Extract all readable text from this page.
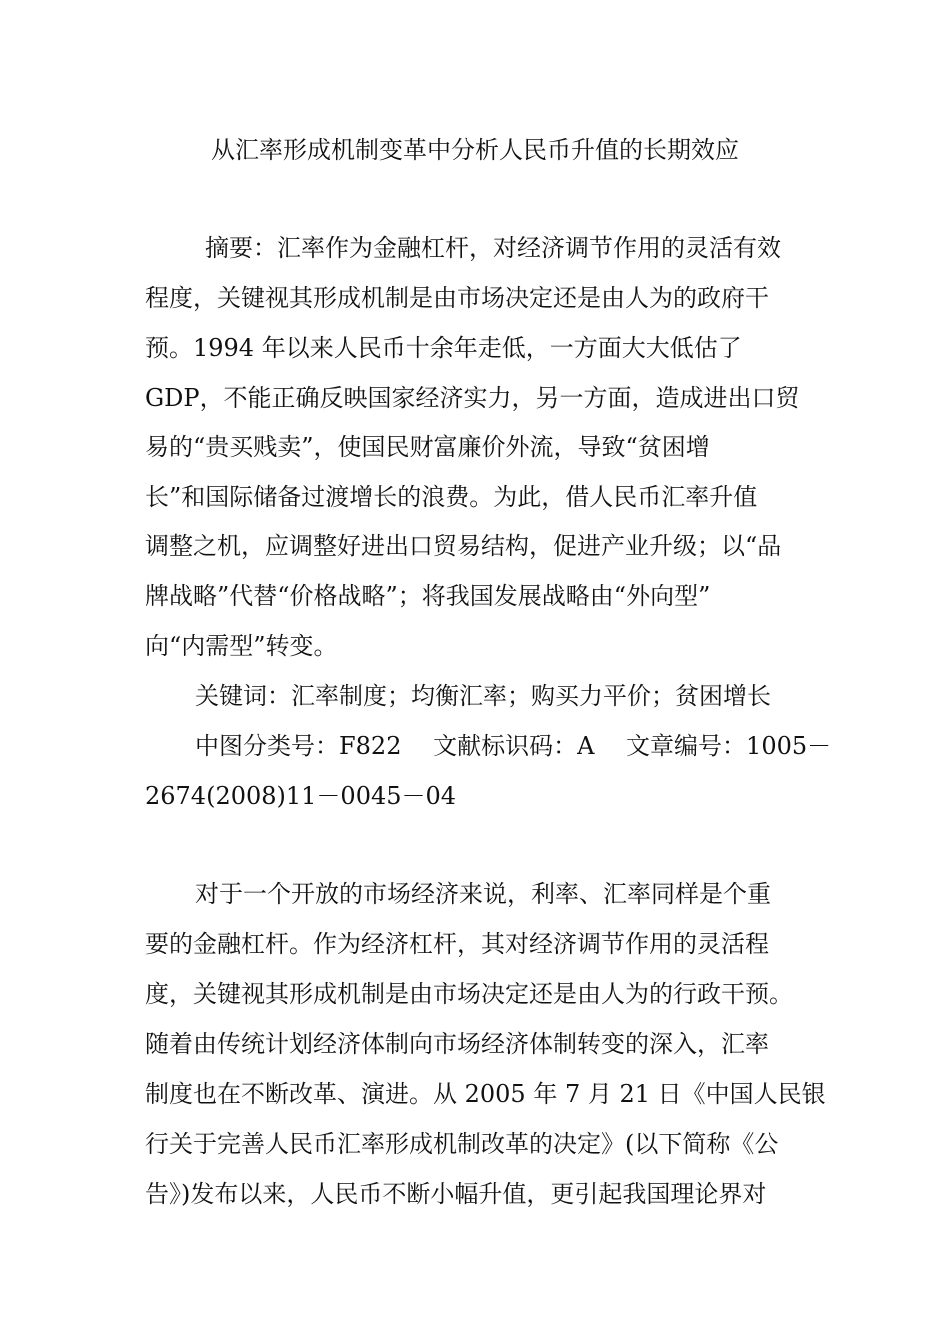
从汇率形成机制变革中分析人民币升值的长期效应
摘要：汇率作为金融杠杆，对经济调节作用的灵活有效
程度，关键视其形成机制是由市场决定还是由人为的政府干
预。1994 年以来人民币十余年走低，一方面大大低估了
GDP，不能正确反映国家经济实力，另一方面，造成进出口贸
易的“贵买贱卖”，使国民财富廉价外流，导致“贫困增
长”和国际储备过渡增长的浪费。为此，借人民币汇率升值
调整之机，应调整好进出口贸易结构，促进产业升级；以“品
牌战略”代替“价格战略”；将我国发展战略由“外向型”
向“内需型”转变。
关键词：汇率制度；均衡汇率；购买力平价；贫困增长
中图分类号：F822　 文献标识码：A　 文章编号：1005－
2674(2008)11－0045－04
对于一个开放的市场经济来说，利率、汇率同样是个重
要的金融杠杆。作为经济杠杆，其对经济调节作用的灵活程
度，关键视其形成机制是由市场决定还是由人为的行政干预。
随着由传统计划经济体制向市场经济体制转变的深入，汇率
制度也在不断改革、演进。从 2005 年 7 月 21 日《中国人民银
行关于完善人民币汇率形成机制改革的决定》(以下简称《公
告》)发布以来，人民币不断小幅升值，更引起我国理论界对
